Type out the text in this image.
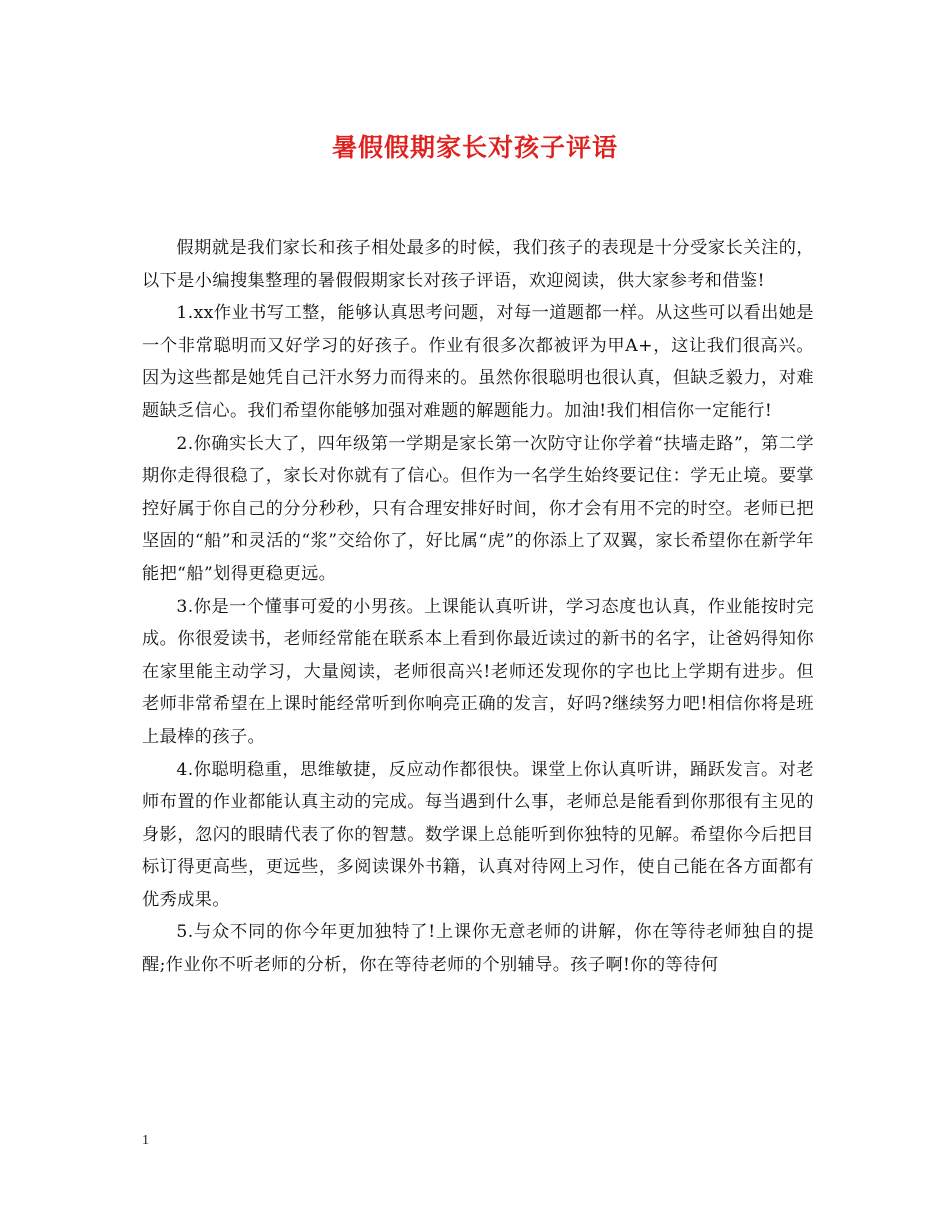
暑假假期家长对孩子评语

假期就是我们家长和孩子相处最多的时候，我们孩子的表现是十分受家长关注的，以下是小编搜集整理的暑假假期家长对孩子评语，欢迎阅读，供大家参考和借鉴!

1.xx作业书写工整，能够认真思考问题，对每一道题都一样。从这些可以看出她是一个非常聪明而又好学习的好孩子。作业有很多次都被评为甲A+，这让我们很高兴。因为这些都是她凭自己汗水努力而得来的。虽然你很聪明也很认真，但缺乏毅力，对难题缺乏信心。我们希望你能够加强对难题的解题能力。加油!我们相信你一定能行!

2.你确实长大了，四年级第一学期是家长第一次防守让你学着“扶墙走路”，第二学期你走得很稳了，家长对你就有了信心。但作为一名学生始终要记住：学无止境。要掌控好属于你自己的分分秒秒，只有合理安排好时间，你才会有用不完的时空。老师已把坚固的“船”和灵活的“浆”交给你了，好比属“虎”的你添上了双翼，家长希望你在新学年能把“船”划得更稳更远。

3.你是一个懂事可爱的小男孩。上课能认真听讲，学习态度也认真，作业能按时完成。你很爱读书，老师经常能在联系本上看到你最近读过的新书的名字，让爸妈得知你在家里能主动学习，大量阅读，老师很高兴!老师还发现你的字也比上学期有进步。但老师非常希望在上课时能经常听到你响亮正确的发言，好吗?继续努力吧!相信你将是班上最棒的孩子。

4.你聪明稳重，思维敏捷，反应动作都很快。课堂上你认真听讲，踊跃发言。对老师布置的作业都能认真主动的完成。每当遇到什么事，老师总是能看到你那很有主见的身影，忽闪的眼睛代表了你的智慧。数学课上总能听到你独特的见解。希望你今后把目标订得更高些，更远些，多阅读课外书籍，认真对待网上习作，使自己能在各方面都有优秀成果。

5.与众不同的你今年更加独特了!上课你无意老师的讲解，你在等待老师独自的提醒;作业你不听老师的分析，你在等待老师的个别辅导。孩子啊!你的等待何

1
